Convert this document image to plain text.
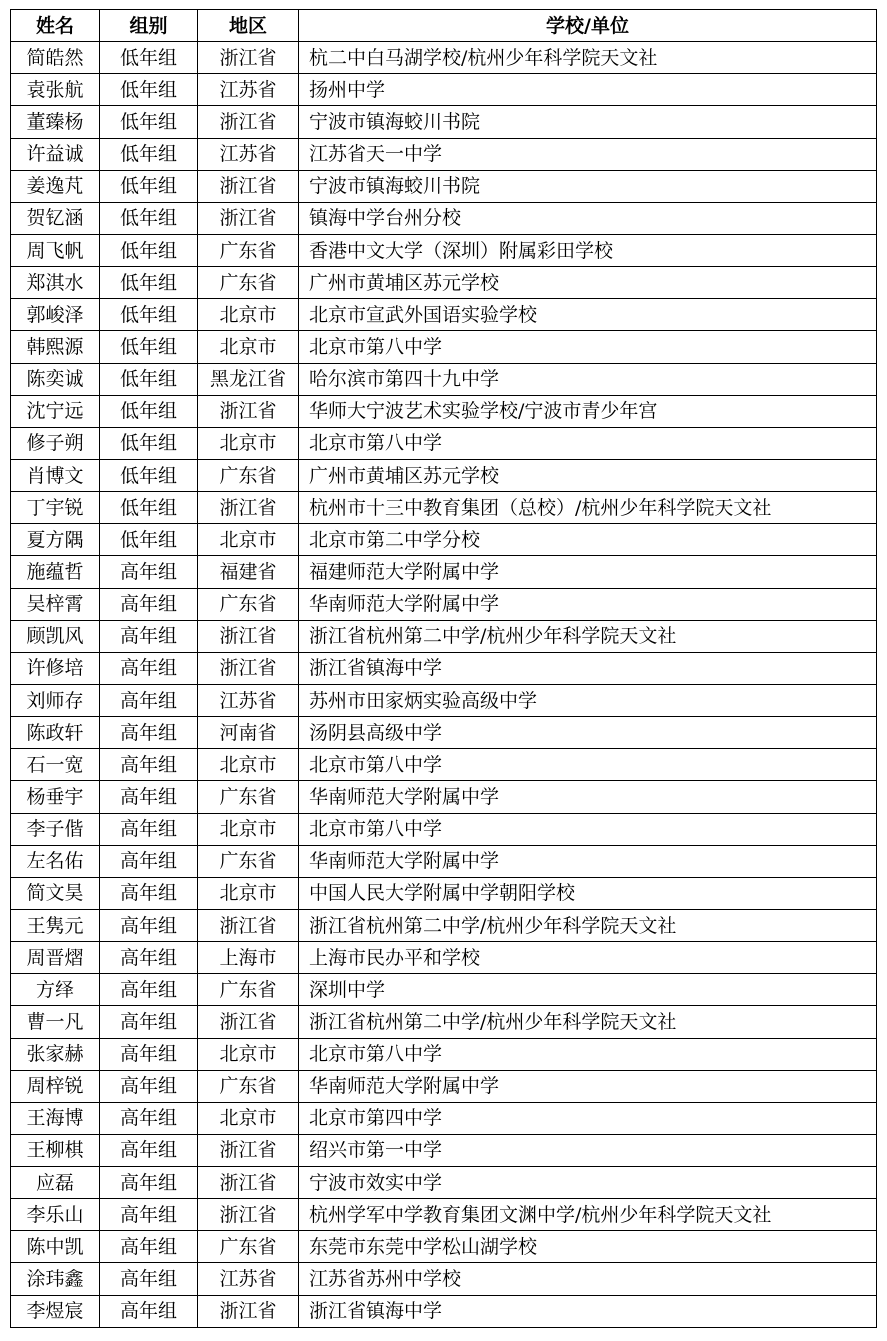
姓名	组别	地区	学校/单位
简皓然	低年组	浙江省	杭二中白马湖学校/杭州少年科学院天文社
袁张航	低年组	江苏省	扬州中学
董臻杨	低年组	浙江省	宁波市镇海蛟川书院
许益诚	低年组	江苏省	江苏省天一中学
姜逸芃	低年组	浙江省	宁波市镇海蛟川书院
贺钇涵	低年组	浙江省	镇海中学台州分校
周飞帆	低年组	广东省	香港中文大学（深圳）附属彩田学校
郑淇水	低年组	广东省	广州市黄埔区苏元学校
郭峻泽	低年组	北京市	北京市宣武外国语实验学校
韩熙源	低年组	北京市	北京市第八中学
陈奕诚	低年组	黑龙江省	哈尔滨市第四十九中学
沈宁远	低年组	浙江省	华师大宁波艺术实验学校/宁波市青少年宫
修子朔	低年组	北京市	北京市第八中学
肖博文	低年组	广东省	广州市黄埔区苏元学校
丁宇锐	低年组	浙江省	杭州市十三中教育集团（总校）/杭州少年科学院天文社
夏方隅	低年组	北京市	北京市第二中学分校
施蕴哲	高年组	福建省	福建师范大学附属中学
吴梓霄	高年组	广东省	华南师范大学附属中学
顾凯风	高年组	浙江省	浙江省杭州第二中学/杭州少年科学院天文社
许修培	高年组	浙江省	浙江省镇海中学
刘师存	高年组	江苏省	苏州市田家炳实验高级中学
陈政轩	高年组	河南省	汤阴县高级中学
石一宽	高年组	北京市	北京市第八中学
杨垂宇	高年组	广东省	华南师范大学附属中学
李子偕	高年组	北京市	北京市第八中学
左名佑	高年组	广东省	华南师范大学附属中学
简文昊	高年组	北京市	中国人民大学附属中学朝阳学校
王隽元	高年组	浙江省	浙江省杭州第二中学/杭州少年科学院天文社
周晋熠	高年组	上海市	上海市民办平和学校
方绎	高年组	广东省	深圳中学
曹一凡	高年组	浙江省	浙江省杭州第二中学/杭州少年科学院天文社
张家赫	高年组	北京市	北京市第八中学
周梓锐	高年组	广东省	华南师范大学附属中学
王海博	高年组	北京市	北京市第四中学
王柳棋	高年组	浙江省	绍兴市第一中学
应磊	高年组	浙江省	宁波市效实中学
李乐山	高年组	浙江省	杭州学军中学教育集团文渊中学/杭州少年科学院天文社
陈中凯	高年组	广东省	东莞市东莞中学松山湖学校
涂玮鑫	高年组	江苏省	江苏省苏州中学校
李煜宸	高年组	浙江省	浙江省镇海中学
